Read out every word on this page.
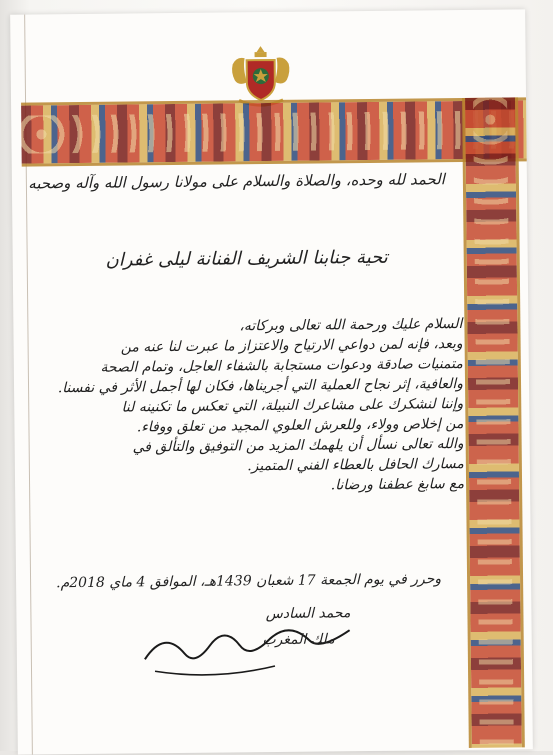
الحمد لله وحده، والصلاة والسلام على مولانا رسول الله وآله وصحبه
تحية جنابنا الشريف الفنانة ليلى غفران
السلام عليك ورحمة الله تعالى وبركاته،
وبعد، فإنه لمن دواعي الارتياح والاعتزاز ما عبرت لنا عنه من
متمنيات صادقة ودعوات مستجابة بالشفاء العاجل، وتمام الصحة
والعافية، إثر نجاح العملية التي أجريناها، فكان لها أجمل الأثر في نفسنا.
وإننا لنشكرك على مشاعرك النبيلة، التي تعكس ما تكنينه لنا
من إخلاص وولاء، وللعرش العلوي المجيد من تعلق ووفاء.
والله تعالى نسأل أن يلهمك المزيد من التوفيق والتألق في
مسارك الحافل بالعطاء الفني المتميز.
مع سابغ عطفنا ورضانا.
وحرر في يوم الجمعة 17 شعبان 1439هـ، الموافق 4 ماي 2018م.
محمد السادس
ملك المغرب
